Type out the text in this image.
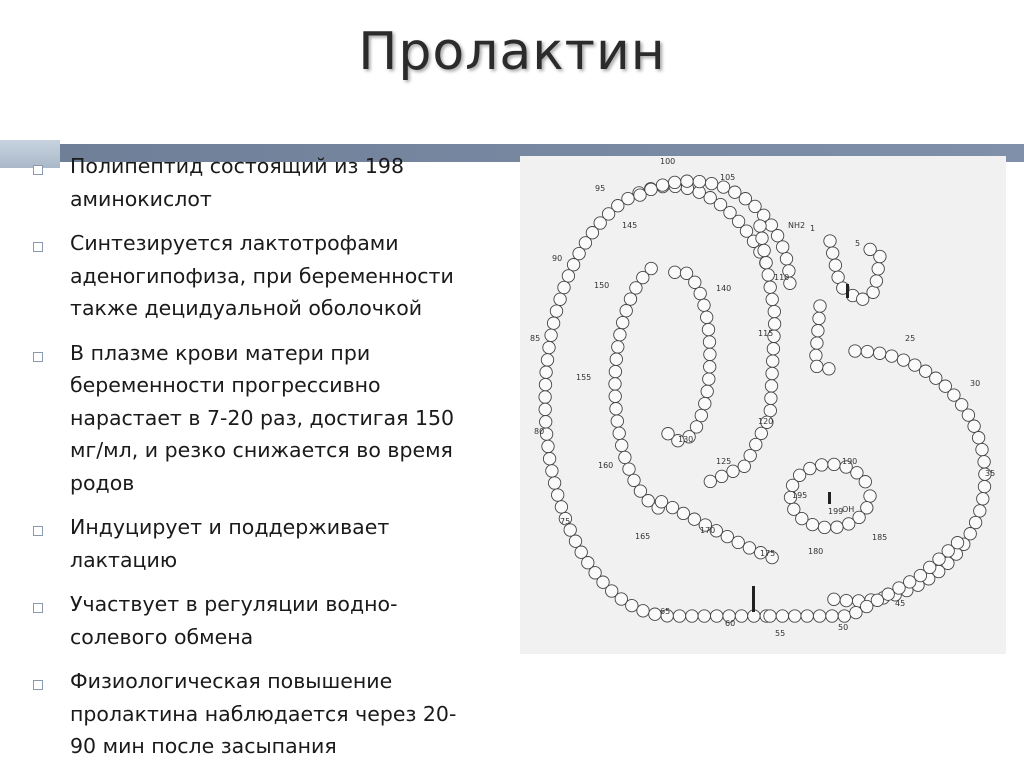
Пролактин
Полипептид состоящий из 198
аминокислот
Синтезируется лактотрофами
аденогипофиза, при беременности
также децидуальной оболочкой
В плазме крови матери при
беременности прогрессивно
нарастает в 7-20 раз, достигая 150
мг/мл, и резко снижается во время
родов
Индуцирует и поддерживает
лактацию
Участвует в регуляции водно-
солевого обмена
Физиологическая повышение
пролактина наблюдается через 20-
90 мин после засыпания
1
5
NH2
OH
25
30
35
45
50
55
60
65
75
80
85
90
95
100
105
110
115
120
125
130
140
145
150
155
160
165
170
175	180
185
190
195
199
